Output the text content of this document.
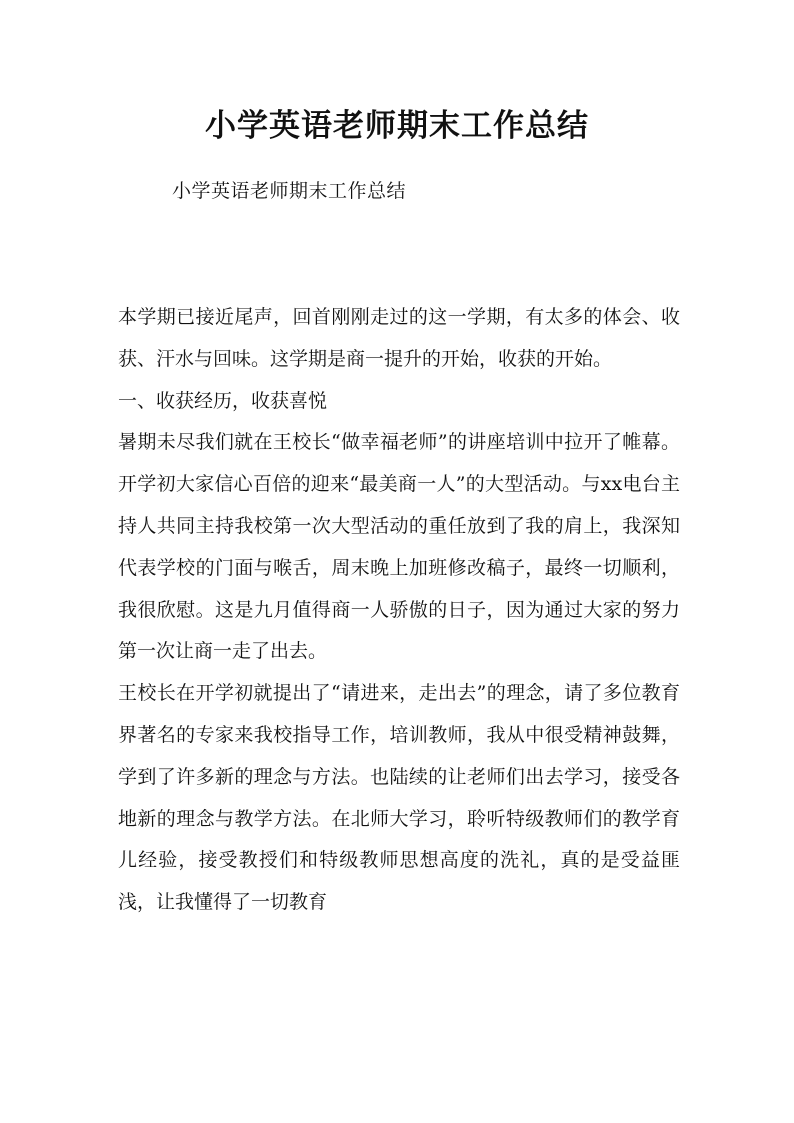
小学英语老师期末工作总结

小学英语老师期末工作总结

本学期已接近尾声，回首刚刚走过的这一学期，有太多的体会、收获、汗水与回味。这学期是商一提升的开始，收获的开始。

一、收获经历，收获喜悦

暑期未尽我们就在王校长“做幸福老师”的讲座培训中拉开了帷幕。开学初大家信心百倍的迎来“最美商一人”的大型活动。与xx电台主持人共同主持我校第一次大型活动的重任放到了我的肩上，我深知代表学校的门面与喉舌，周末晚上加班修改稿子，最终一切顺利，我很欣慰。这是九月值得商一人骄傲的日子，因为通过大家的努力第一次让商一走了出去。

王校长在开学初就提出了“请进来，走出去”的理念，请了多位教育界著名的专家来我校指导工作，培训教师，我从中很受精神鼓舞，学到了许多新的理念与方法。也陆续的让老师们出去学习，接受各地新的理念与教学方法。在北师大学习，聆听特级教师们的教学育儿经验，接受教授们和特级教师思想高度的洗礼，真的是受益匪浅，让我懂得了一切教育
